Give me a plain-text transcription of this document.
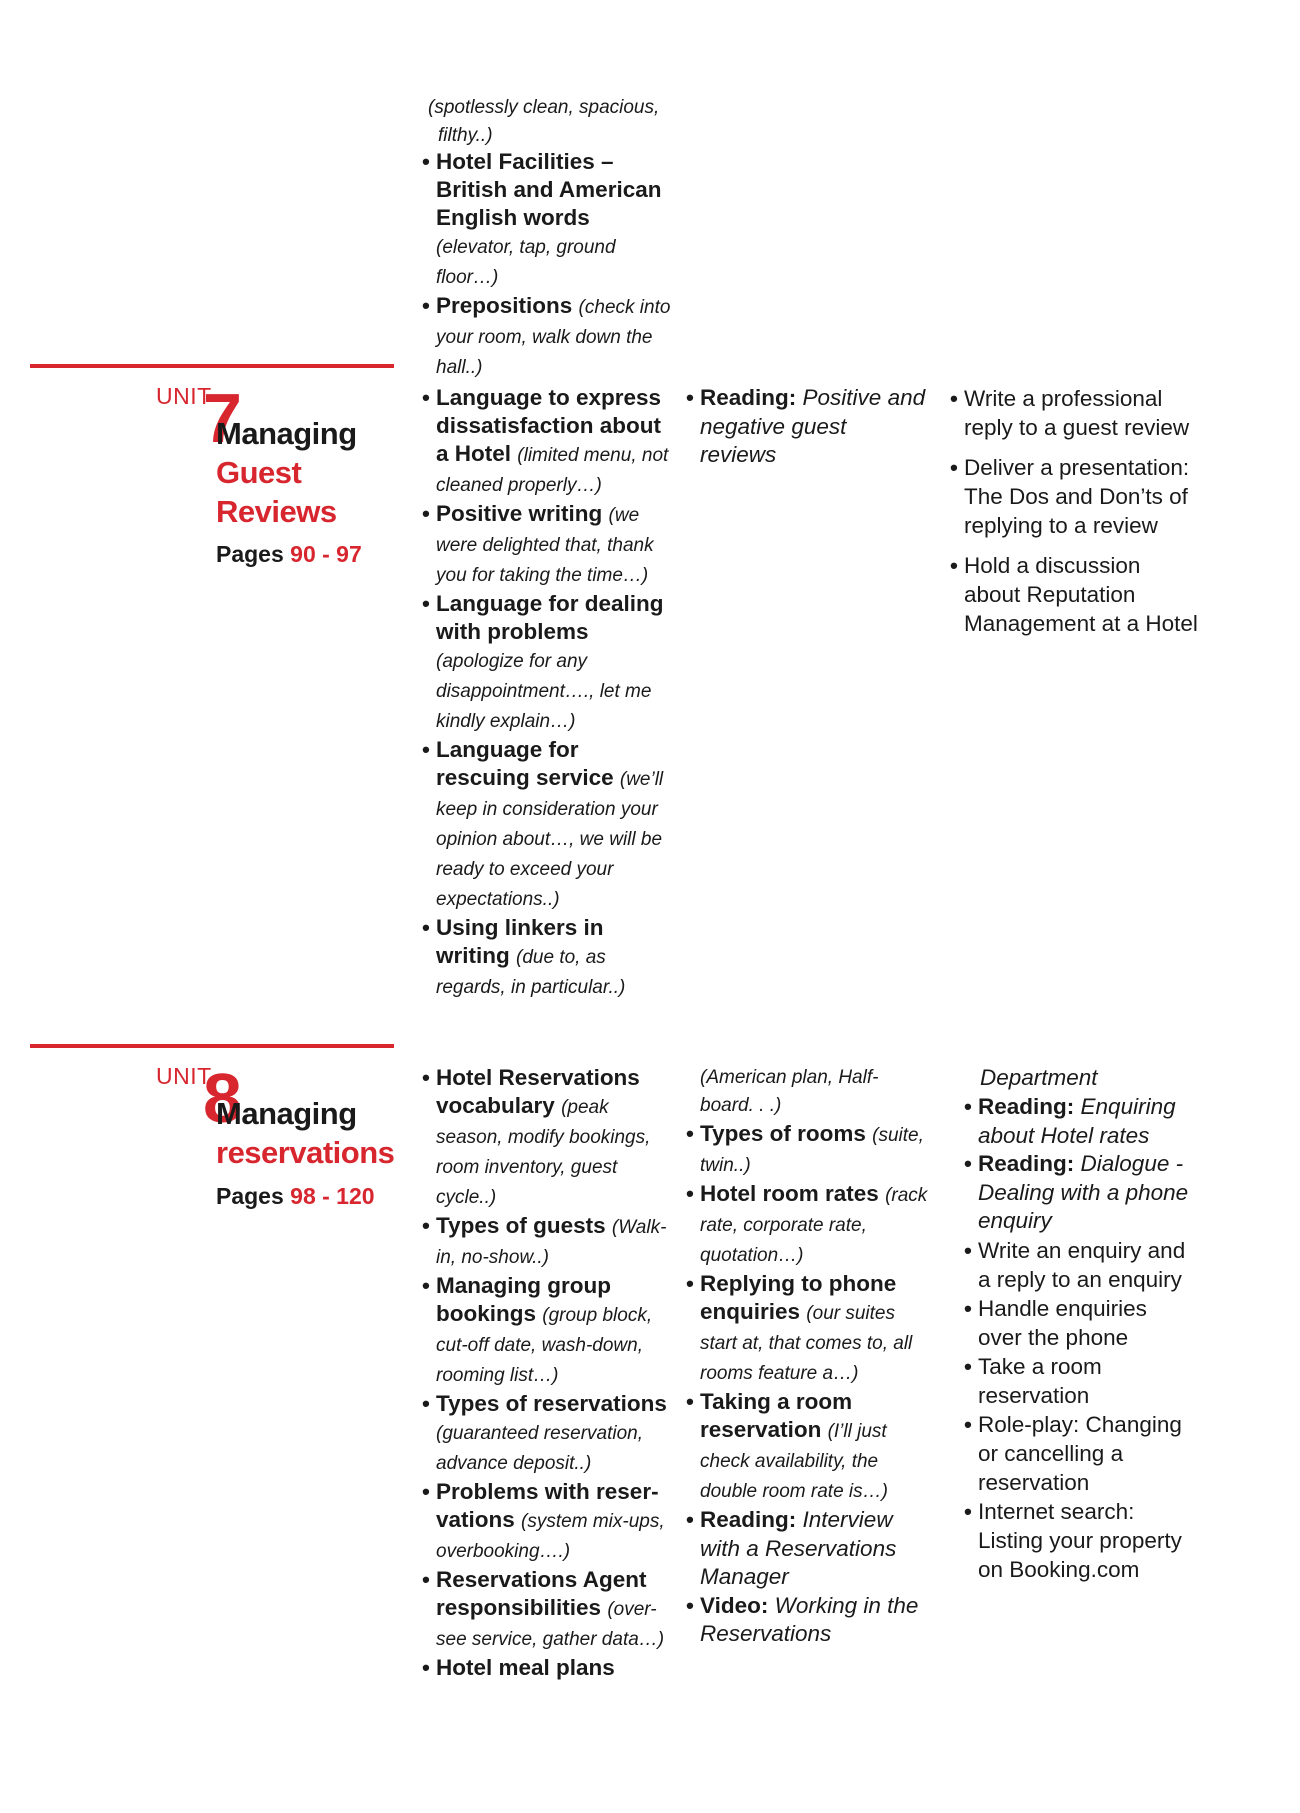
(spotlessly clean, spacious,
filthy..)
• Hotel Facilities – British and American English words (elevator, tap, ground floor…)
• Prepositions (check into your room, walk down the hall..)
UNIT
7
Managing
Guest
Reviews
Pages 90 - 97
• Language to express dissatisfaction about a Hotel (limited menu, not cleaned properly…)
• Positive writing (we were delighted that, thank you for taking the time…)
• Language for dealing with problems (apologize for any disappointment…., let me kindly explain…)
• Language for rescuing service (we’ll keep in consideration your opinion about…, we will be ready to exceed your expectations..)
• Using linkers in writing (due to, as regards, in particular..)
• Reading: Positive and negative guest reviews
• Write a professional reply to a guest review
• Deliver a presentation: The Dos and Don’ts of replying to a review
• Hold a discussion about Reputation Management at a Hotel
UNIT
8
Managing
reservations
Pages 98 - 120
• Hotel Reservations vocabulary (peak season, modify bookings, room inventory, guest cycle..)
• Types of guests (Walk-in, no-show..)
• Managing group bookings (group block, cut-off date, wash-down, rooming list…)
• Types of reservations (guaranteed reservation, advance deposit..)
• Problems with reser-vations (system mix-ups, overbooking….)
• Reservations Agent responsibilities (over-see service, gather data…)
• Hotel meal plans
(American plan, Half-board. . .)
• Types of rooms (suite, twin..)
• Hotel room rates (rack rate, corporate rate, quotation…)
• Replying to phone enquiries (our suites start at, that comes to, all rooms feature a…)
• Taking a room reservation (I’ll just check availability, the double room rate is…)
• Reading: Interview with a Reservations Manager
• Video: Working in the Reservations
Department
• Reading: Enquiring about Hotel rates
• Reading: Dialogue -Dealing with a phone enquiry
• Write an enquiry and a reply to an enquiry
• Handle enquiries over the phone
• Take a room reservation
• Role-play: Changing or cancelling a reservation
• Internet search: Listing your property on Booking.com
